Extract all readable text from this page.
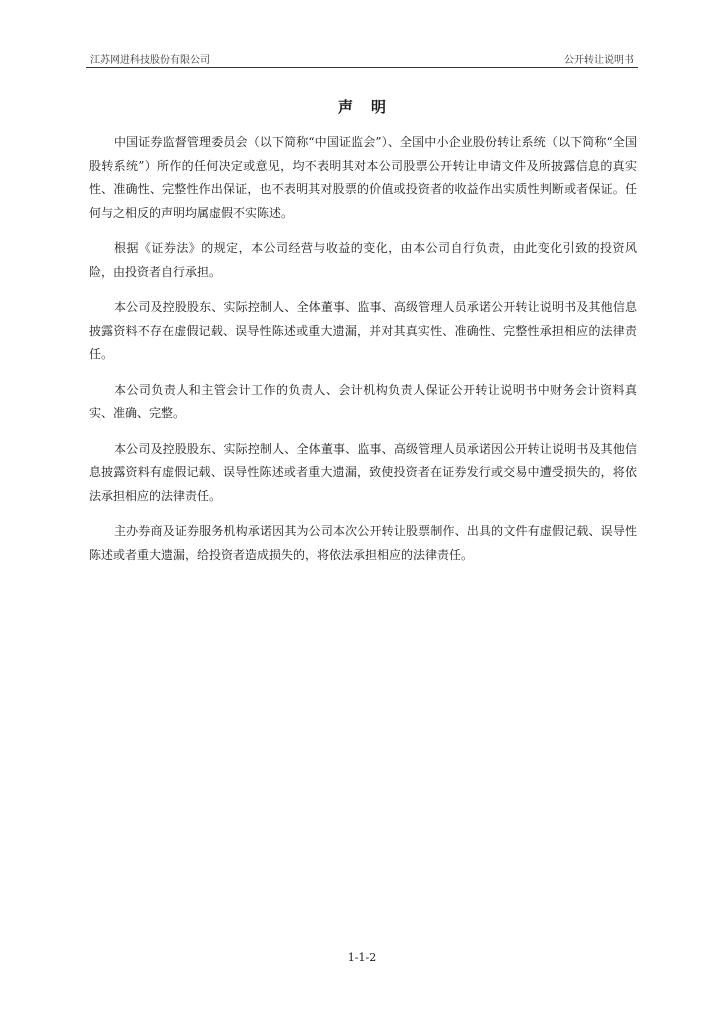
江苏网进科技股份有限公司	公开转让说明书
声明

中国证券监督管理委员会（以下简称“中国证监会”）、全国中小企业股份转让系统（以下简称“全国股转系统”）所作的任何决定或意见，均不表明其对本公司股票公开转让申请文件及所披露信息的真实性、准确性、完整性作出保证，也不表明其对股票的价值或投资者的收益作出实质性判断或者保证。任何与之相反的声明均属虚假不实陈述。

根据《证券法》的规定，本公司经营与收益的变化，由本公司自行负责，由此变化引致的投资风险，由投资者自行承担。

本公司及控股股东、实际控制人、全体董事、监事、高级管理人员承诺公开转让说明书及其他信息披露资料不存在虚假记载、误导性陈述或重大遗漏，并对其真实性、准确性、完整性承担相应的法律责任。

本公司负责人和主管会计工作的负责人、会计机构负责人保证公开转让说明书中财务会计资料真实、准确、完整。

本公司及控股股东、实际控制人、全体董事、监事、高级管理人员承诺因公开转让说明书及其他信息披露资料有虚假记载、误导性陈述或者重大遗漏，致使投资者在证券发行或交易中遭受损失的，将依法承担相应的法律责任。

主办券商及证券服务机构承诺因其为公司本次公开转让股票制作、出具的文件有虚假记载、误导性陈述或者重大遗漏，给投资者造成损失的，将依法承担相应的法律责任。

1-1-2
